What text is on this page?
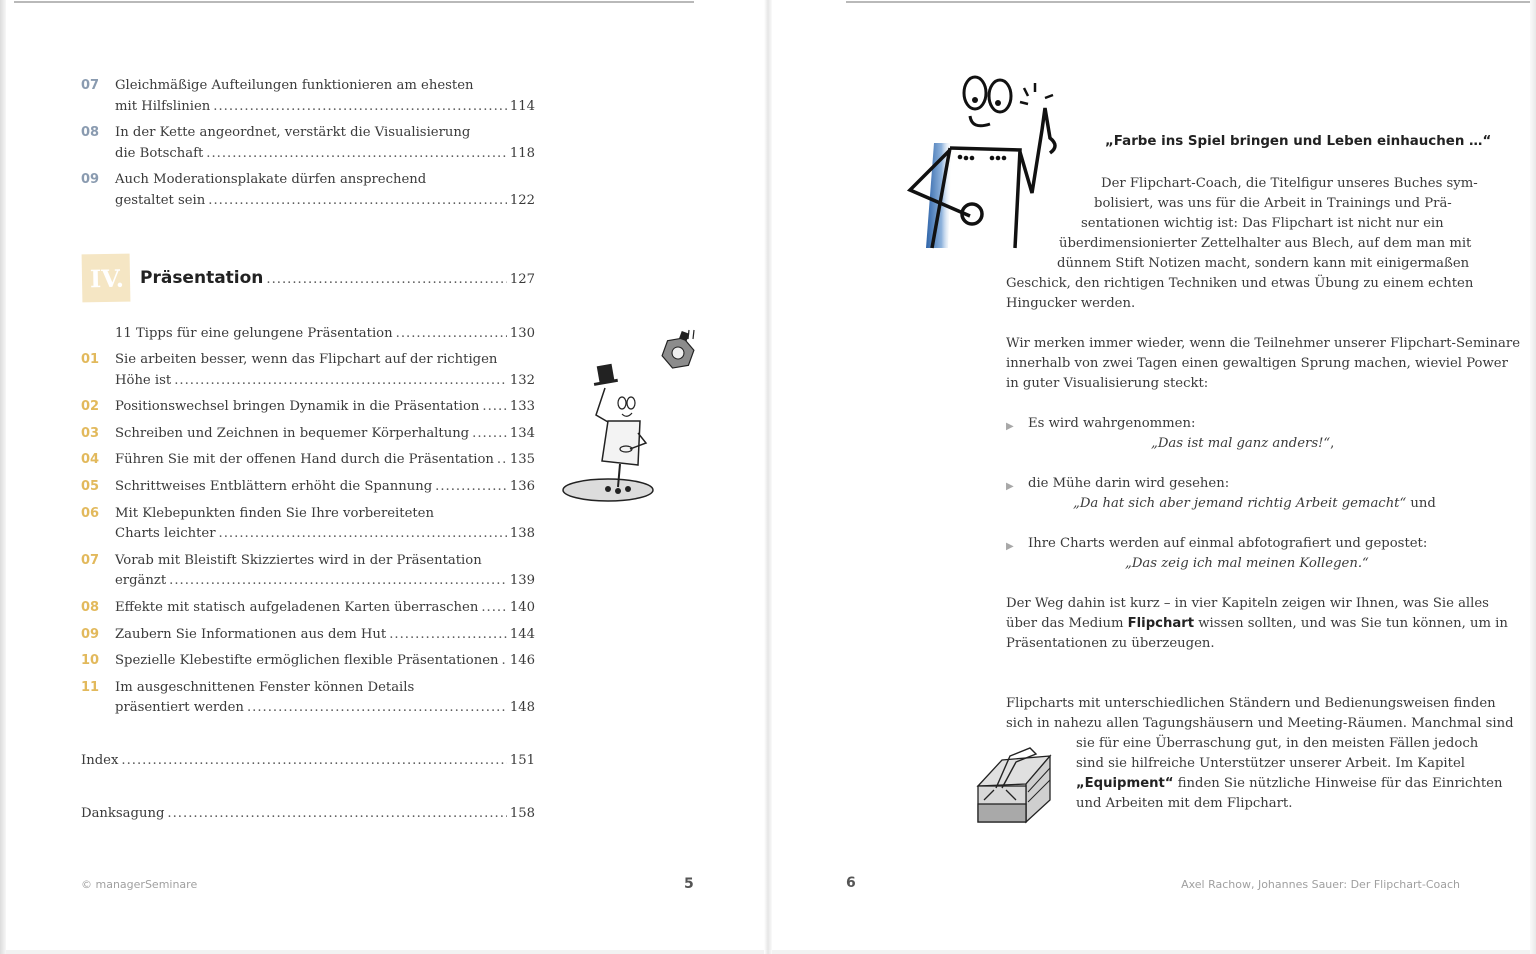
07 Gleichmäßige Aufteilungen funktionieren am ehesten
mit Hilfslinien .....	114
08 In der Kette angeordnet, verstärkt die Visualisierung
die Botschaft .....	118
09 Auch Moderationsplakate dürfen ansprechend
gestaltet sein .....	122
IV. Präsentation .....	127
11 Tipps für eine gelungene Präsentation .....	130
01 Sie arbeiten besser, wenn das Flipchart auf der richtigen
Höhe ist .....	132
02 Positionswechsel bringen Dynamik in die Präsentation ..... 133
03 Schreiben und Zeichnen in bequemer Körperhaltung .....	134
04 Führen Sie mit der offenen Hand durch die Präsentation ..... 135
05 Schrittweises Entblättern erhöht die Spannung .....	136
06 Mit Klebepunkten finden Sie Ihre vorbereiteten
Charts leichter .....	138
07 Vorab mit Bleistift Skizziertes wird in der Präsentation
ergänzt .....	139
08 Effekte mit statisch aufgeladenen Karten überraschen ..... 140
09 Zaubern Sie Informationen aus dem Hut .....	144
10 Spezielle Klebestifte ermöglichen flexible Präsentationen ..... 146
11 Im ausgeschnittenen Fenster können Details
präsentiert werden .....	148
Index .....	151
Danksagung .....	158
© managerSeminare	5
„Farbe ins Spiel bringen und Leben einhauchen …“
Der Flipchart-Coach, die Titelfigur unseres Buches sym-
bolisiert, was uns für die Arbeit in Trainings und Prä-
sentationen wichtig ist: Das Flipchart ist nicht nur ein
überdimensionierter Zettelhalter aus Blech, auf dem man mit
dünnem Stift Notizen macht, sondern kann mit einigermaßen
Geschick, den richtigen Techniken und etwas Übung zu einem echten
Hingucker werden.
Wir merken immer wieder, wenn die Teilnehmer unserer Flipchart-Seminare
innerhalb von zwei Tagen einen gewaltigen Sprung machen, wieviel Power
in guter Visualisierung steckt:
▶ Es wird wahrgenommen:
„Das ist mal ganz anders!“,
▶ die Mühe darin wird gesehen:
„Da hat sich aber jemand richtig Arbeit gemacht“ und
▶ Ihre Charts werden auf einmal abfotografiert und gepostet:
„Das zeig ich mal meinen Kollegen.“
Der Weg dahin ist kurz – in vier Kapiteln zeigen wir Ihnen, was Sie alles
über das Medium Flipchart wissen sollten, und was Sie tun können, um in
Präsentationen zu überzeugen.
Flipcharts mit unterschiedlichen Ständern und Bedienungsweisen finden
sich in nahezu allen Tagungshäusern und Meeting-Räumen. Manchmal sind
sie für eine Überraschung gut, in den meisten Fällen jedoch
sind sie hilfreiche Unterstützer unserer Arbeit. Im Kapitel
„Equipment“ finden Sie nützliche Hinweise für das Einrichten
und Arbeiten mit dem Flipchart.
6	Axel Rachow, Johannes Sauer: Der Flipchart-Coach
